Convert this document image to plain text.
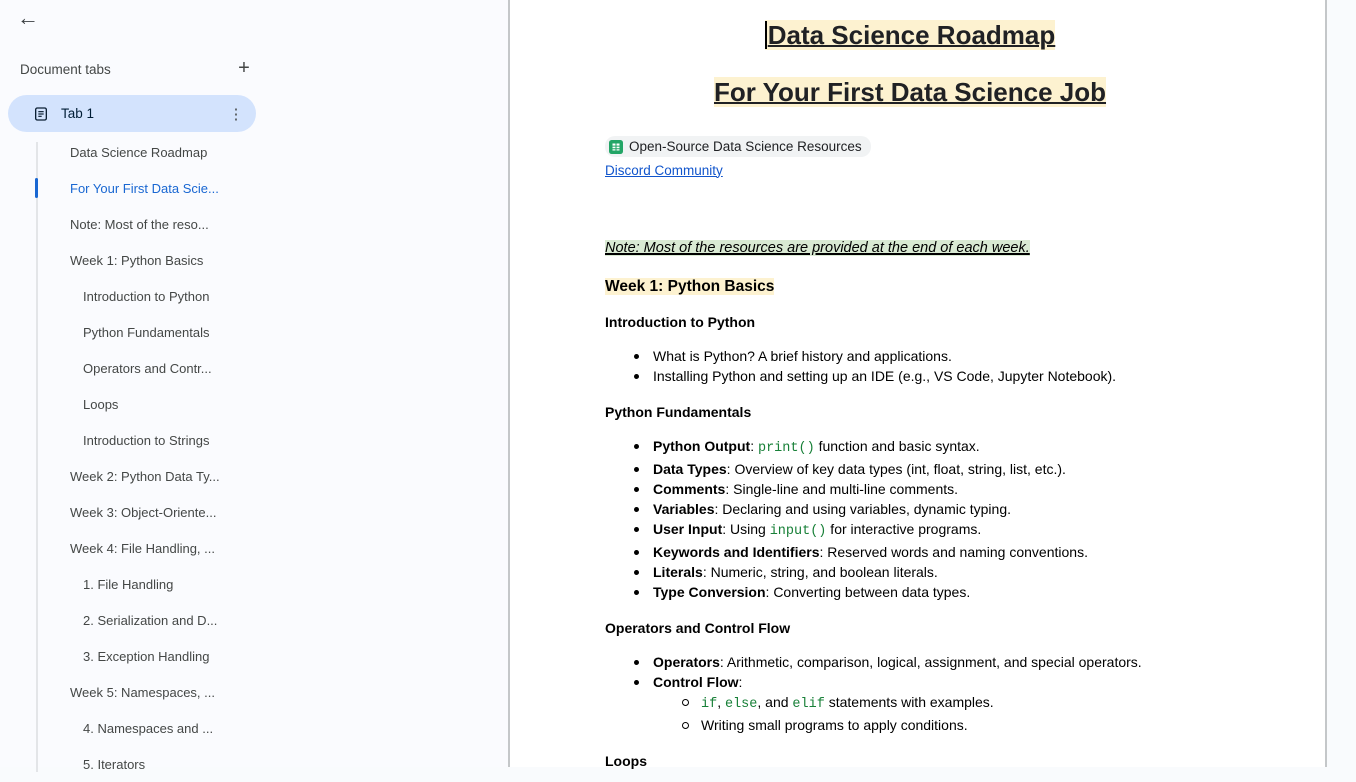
←
Document tabs	+
Tab 1	⋮
Data Science Roadmap
For Your First Data Scie...
Note: Most of the reso...
Week 1: Python Basics
Introduction to Python
Python Fundamentals
Operators and Contr...
Loops
Introduction to Strings
Week 2: Python Data Ty...
Week 3: Object-Oriente...
Week 4: File Handling, ...
1. File Handling
2. Serialization and D...
3. Exception Handling
Week 5: Namespaces, ...
4. Namespaces and ...
5. Iterators
Data Science Roadmap
For Your First Data Science Job
Open-Source Data Science Resources
Discord Community
Note: Most of the resources are provided at the end of each week.
Week 1: Python Basics
Introduction to Python
What is Python? A brief history and applications.
Installing Python and setting up an IDE (e.g., VS Code, Jupyter Notebook).
Python Fundamentals
Python Output: print() function and basic syntax.
Data Types: Overview of key data types (int, float, string, list, etc.).
Comments: Single-line and multi-line comments.
Variables: Declaring and using variables, dynamic typing.
User Input: Using input() for interactive programs.
Keywords and Identifiers: Reserved words and naming conventions.
Literals: Numeric, string, and boolean literals.
Type Conversion: Converting between data types.
Operators and Control Flow
Operators: Arithmetic, comparison, logical, assignment, and special operators.
Control Flow:
if, else, and elif statements with examples.
Writing small programs to apply conditions.
Loops
